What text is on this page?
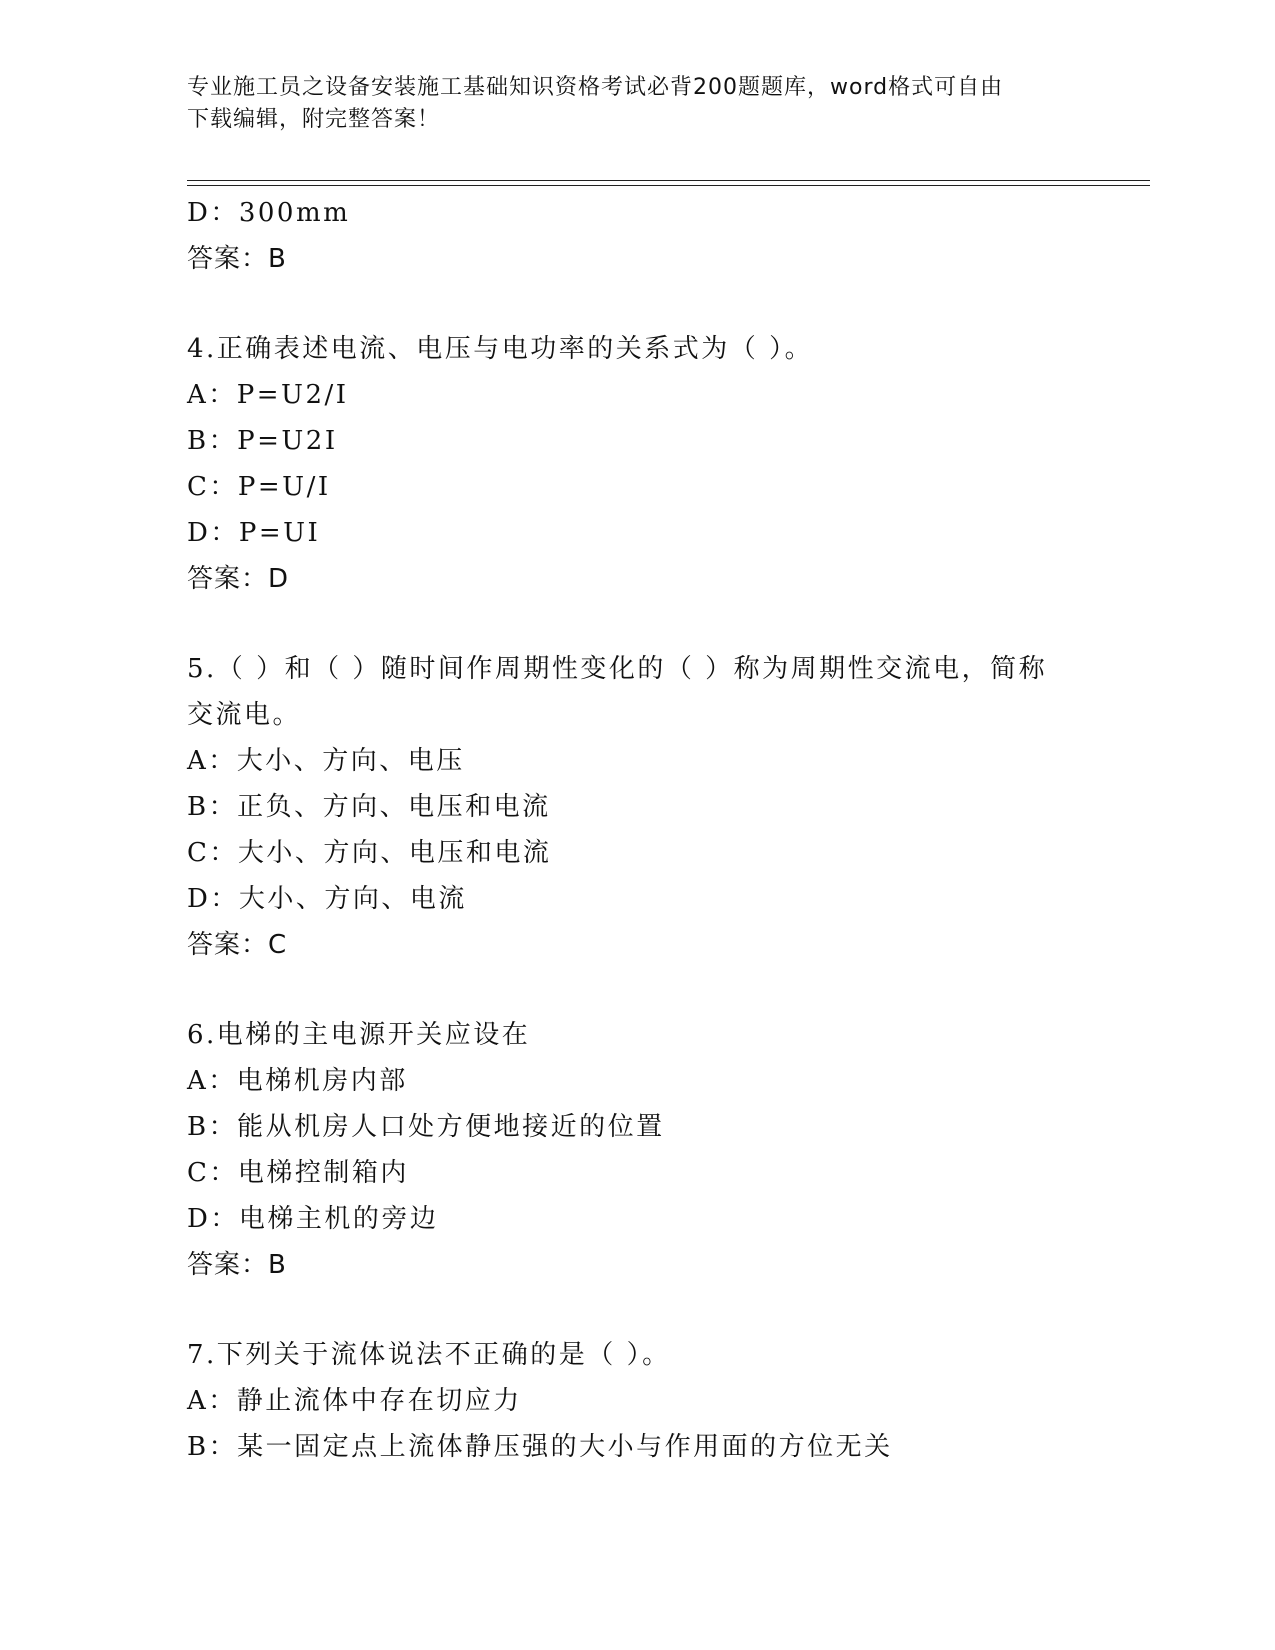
专业施工员之设备安装施工基础知识资格考试必背200题题库，word格式可自由
下载编辑，附完整答案！
D：300mm
答案：B
4.正确表述电流、电压与电功率的关系式为（ ）。
A：P=U2/I
B：P=U2I
C：P=U/I
D：P=UI
答案：D
5.（ ）和（ ）随时间作周期性变化的（ ）称为周期性交流电，简称
交流电。
A：大小、方向、电压
B：正负、方向、电压和电流
C：大小、方向、电压和电流
D：大小、方向、电流
答案：C
6.电梯的主电源开关应设在
A：电梯机房内部
B：能从机房人口处方便地接近的位置
C：电梯控制箱内
D：电梯主机的旁边
答案：B
7.下列关于流体说法不正确的是（ ）。
A：静止流体中存在切应力
B：某一固定点上流体静压强的大小与作用面的方位无关
